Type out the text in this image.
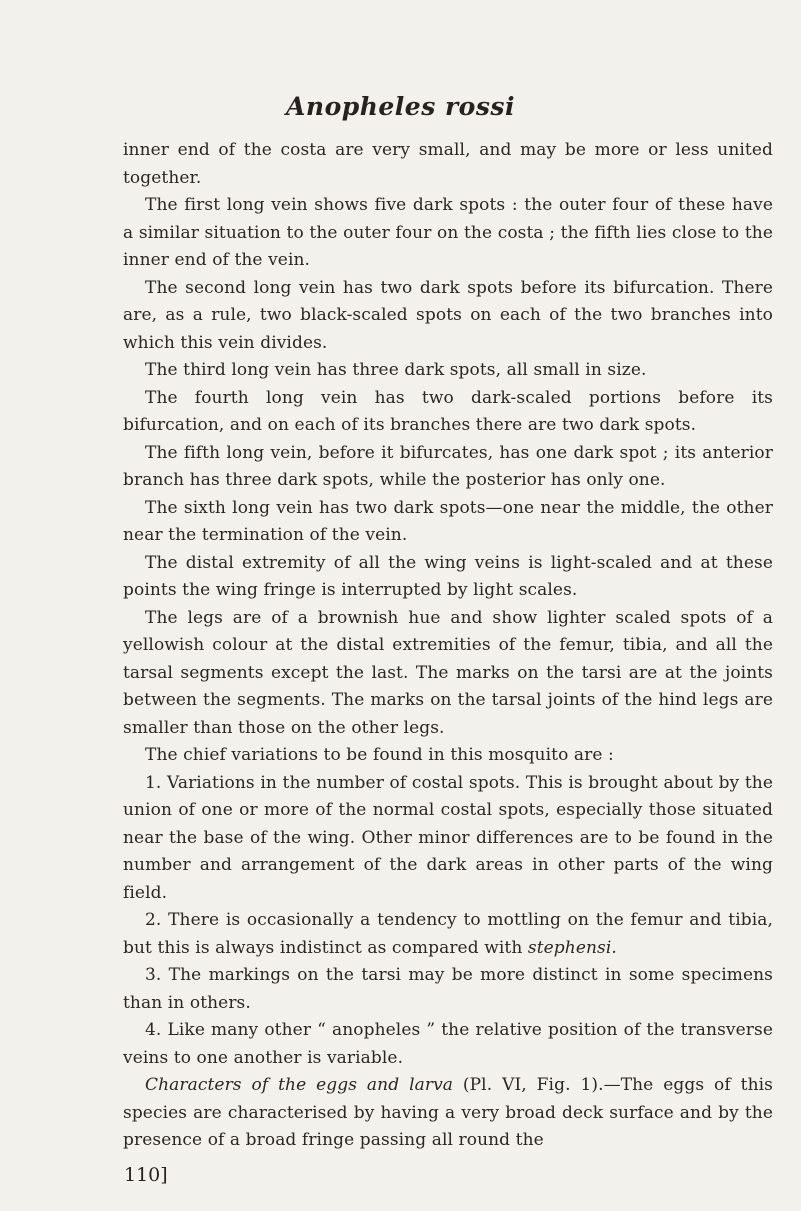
Anopheles rossi

inner end of the costa are very small, and may be more or less united together.

The first long vein shows five dark spots : the outer four of these have a similar situation to the outer four on the costa ; the fifth lies close to the inner end of the vein.

The second long vein has two dark spots before its bifurcation. There are, as a rule, two black-scaled spots on each of the two branches into which this vein divides.

The third long vein has three dark spots, all small in size.

The fourth long vein has two dark-scaled portions before its bifurcation, and on each of its branches there are two dark spots.

The fifth long vein, before it bifurcates, has one dark spot ; its anterior branch has three dark spots, while the posterior has only one.

The sixth long vein has two dark spots—one near the middle, the other near the termination of the vein.

The distal extremity of all the wing veins is light-scaled and at these points the wing fringe is interrupted by light scales.

The legs are of a brownish hue and show lighter scaled spots of a yellowish colour at the distal extremities of the femur, tibia, and all the tarsal segments except the last. The marks on the tarsi are at the joints between the segments. The marks on the tarsal joints of the hind legs are smaller than those on the other legs.

The chief variations to be found in this mosquito are :

1. Variations in the number of costal spots. This is brought about by the union of one or more of the normal costal spots, especially those situated near the base of the wing. Other minor differences are to be found in the number and arrangement of the dark areas in other parts of the wing field.

2. There is occasionally a tendency to mottling on the femur and tibia, but this is always indistinct as compared with stephensi.

3. The markings on the tarsi may be more distinct in some specimens than in others.

4. Like many other “ anopheles ” the relative position of the transverse veins to one another is variable.

Characters of the eggs and larva (Pl. VI, Fig. 1).—The eggs of this species are characterised by having a very broad deck surface and by the presence of a broad fringe passing all round the

110]
